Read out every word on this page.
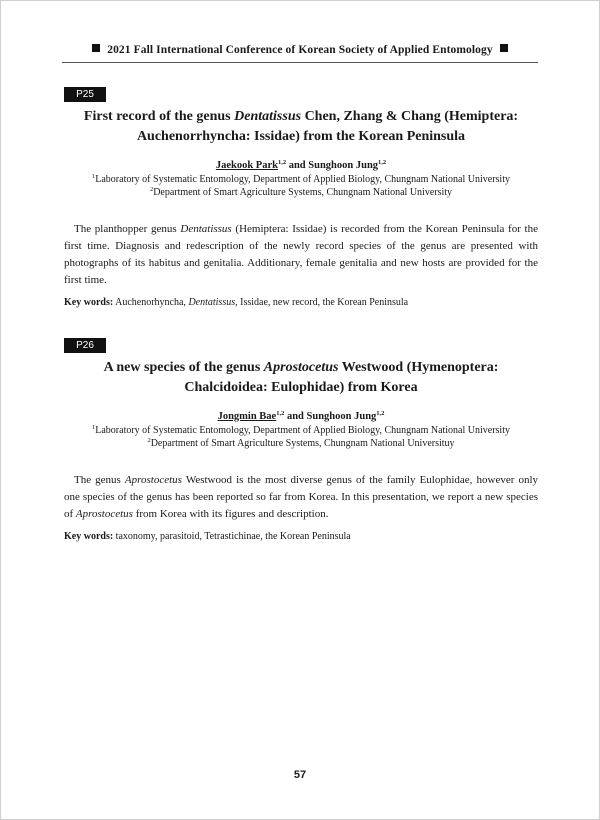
2021 Fall International Conference of Korean Society of Applied Entomology
P25
First record of the genus Dentatissus Chen, Zhang & Chang (Hemiptera: Auchenorrhyncha: Issidae) from the Korean Peninsula
Jaekook Park$^{1,2}$ and Sunghoon Jung$^{1,2}$
$^1$Laboratory of Systematic Entomology, Department of Applied Biology, Chungnam National University
$^2$Department of Smart Agriculture Systems, Chungnam National University
The planthopper genus Dentatissus (Hemiptera: Issidae) is recorded from the Korean Peninsula for the first time. Diagnosis and redescription of the newly record species of the genus are presented with photographs of its habitus and genitalia. Additionary, female genitalia and new hosts are provided for the first time.
Key words: Auchenorhyncha, Dentatissus, Issidae, new record, the Korean Peninsula
P26
A new species of the genus Aprostocetus Westwood (Hymenoptera: Chalcidoidea: Eulophidae) from Korea
Jongmin Bae$^{1,2}$ and Sunghoon Jung$^{1,2}$
$^1$Laboratory of Systematic Entomology, Department of Applied Biology, Chungnam National University
$^2$Department of Smart Agriculture Systems, Chungnam National Universituy
The genus Aprostocetus Westwood is the most diverse genus of the family Eulophidae, however only one species of the genus has been reported so far from Korea. In this presentation, we report a new species of Aprostocetus from Korea with its figures and description.
Key words: taxonomy, parasitoid, Tetrastichinae, the Korean Peninsula
57
